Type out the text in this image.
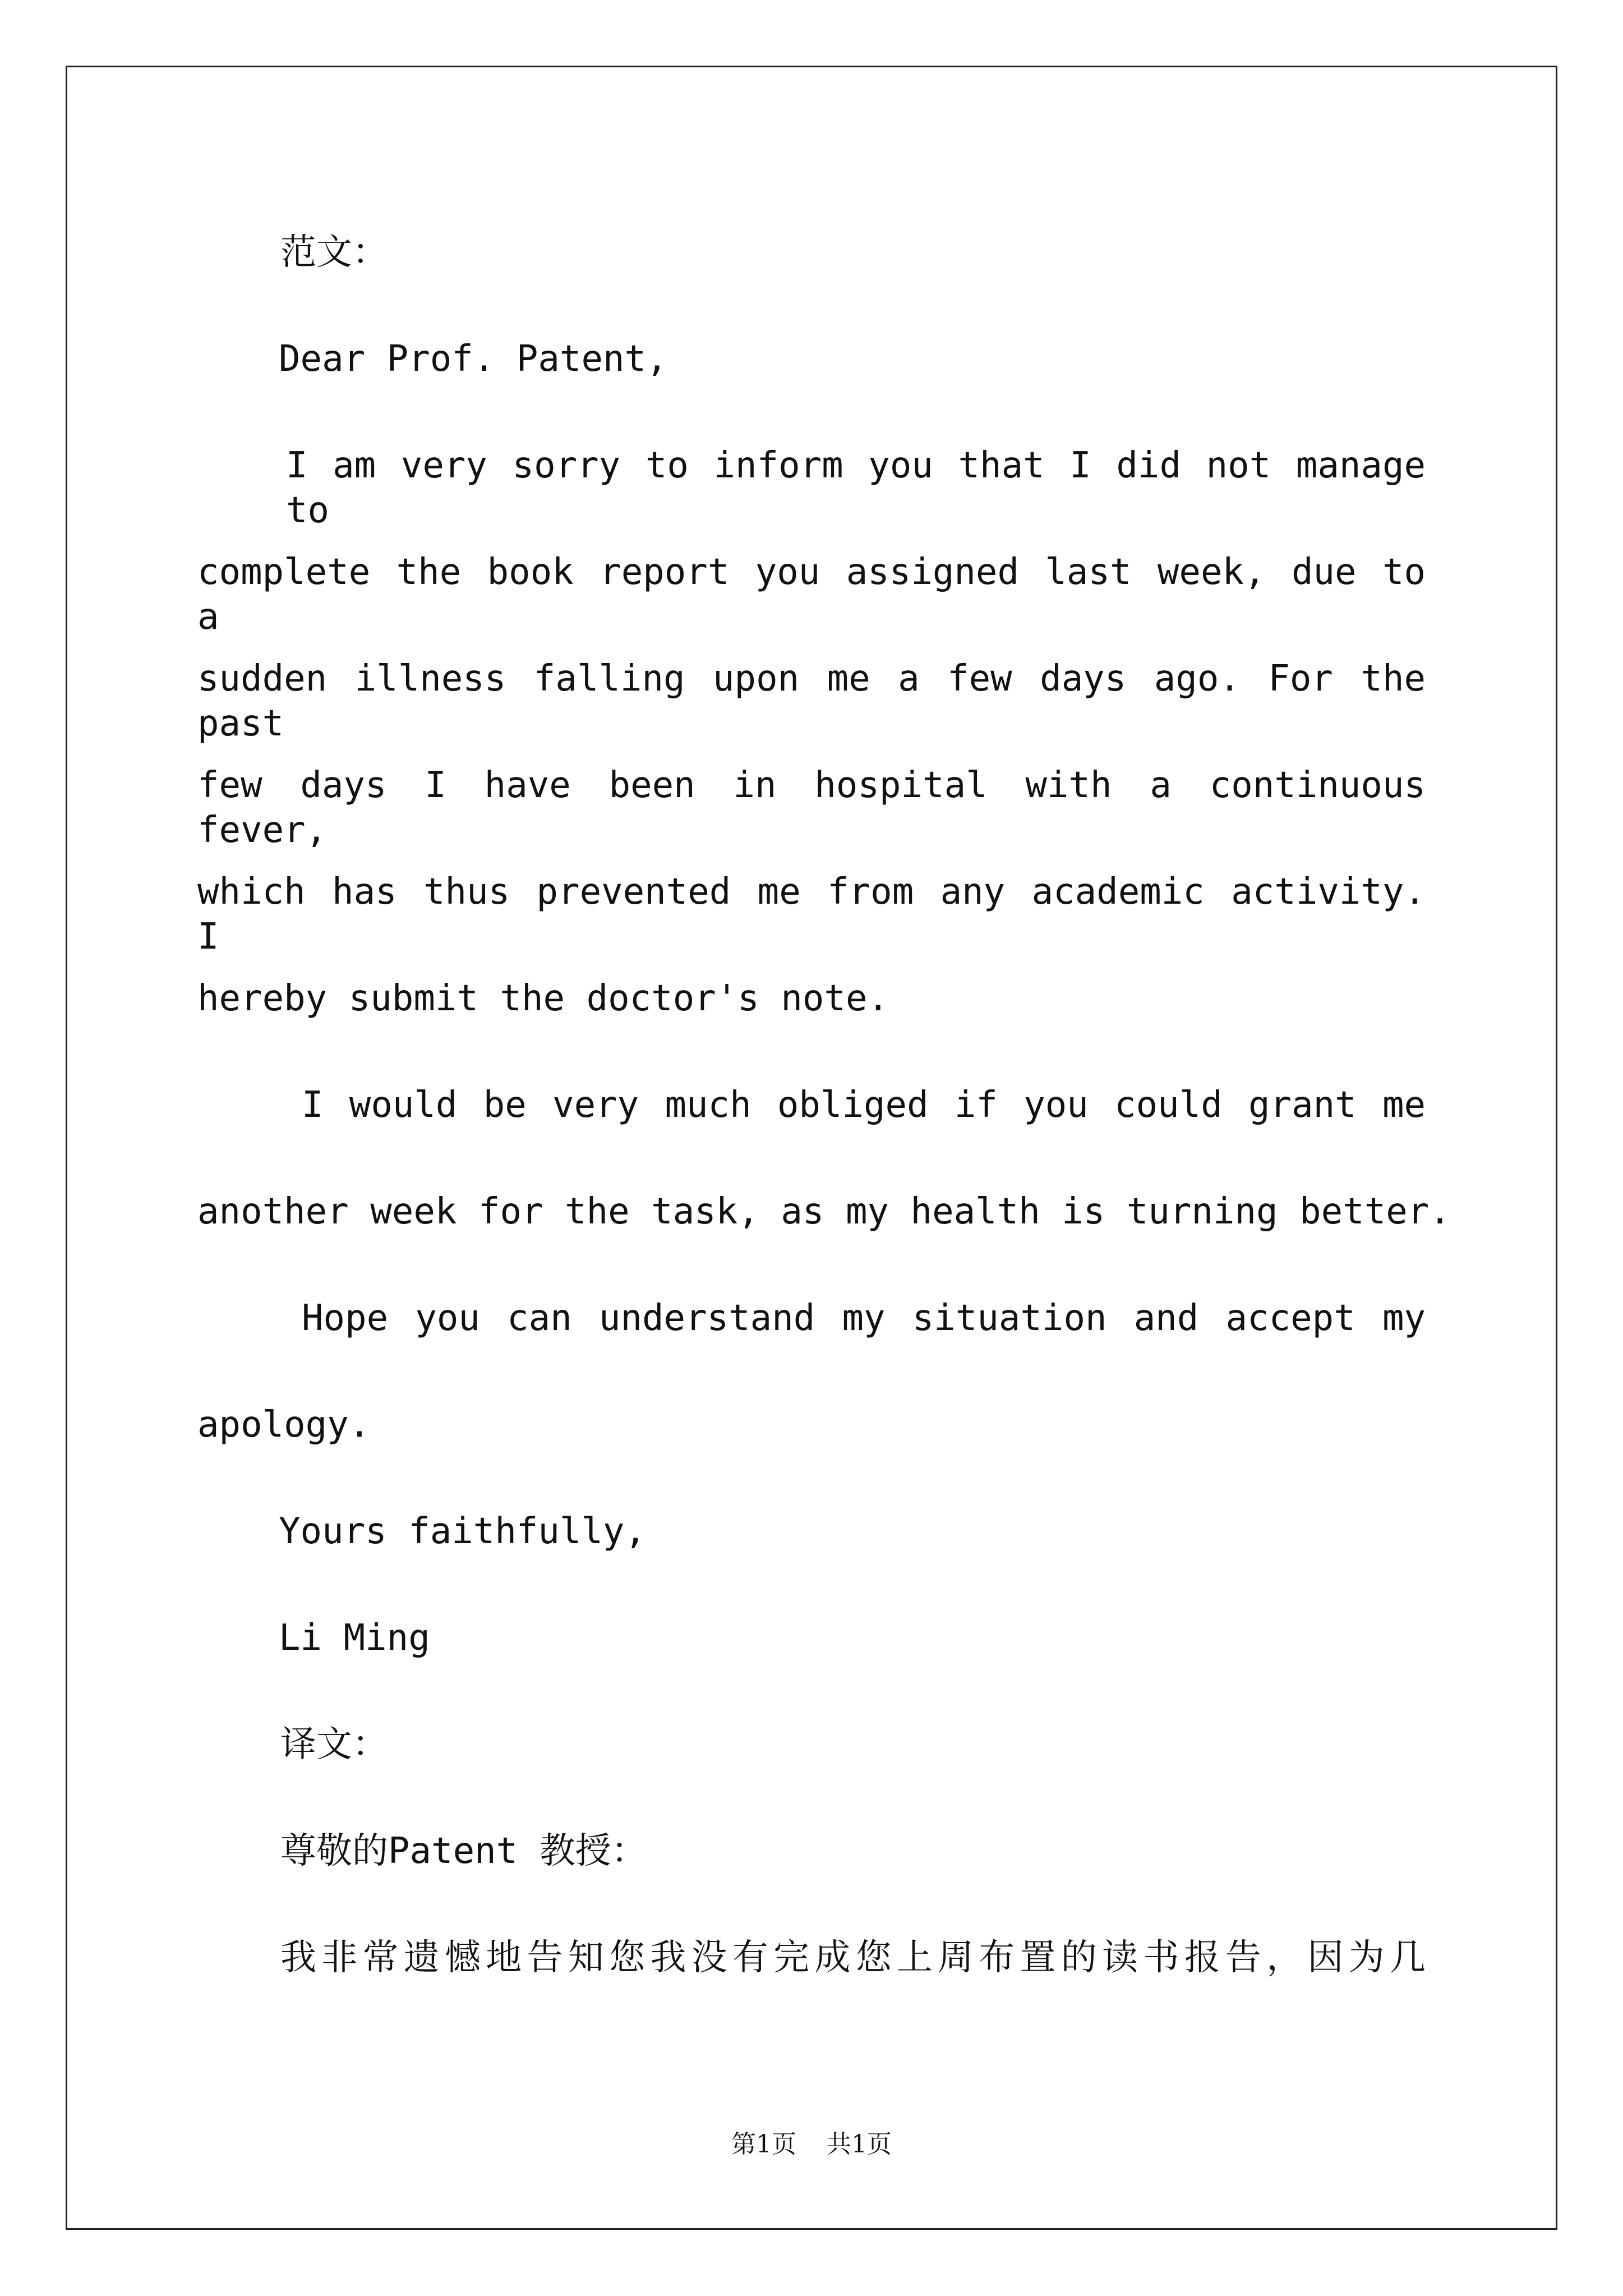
范文：
Dear Prof. Patent,
I am very sorry to inform you that I did not manage to
complete the book report you assigned last week, due to a
sudden illness falling upon me a few days ago. For the past
few days I have been in hospital with a continuous fever,
which has thus prevented me from any academic activity. I
hereby submit the doctor's note.
I would be very much obliged if you could grant me
another week for the task, as my health is turning better.
Hope you can understand my situation and accept my
apology.
Yours faithfully,
Li Ming
译文：
尊敬的Patent 教授：
我非常遗憾地告知您我没有完成您上周布置的读书报告，因为几
第1页 共1页
